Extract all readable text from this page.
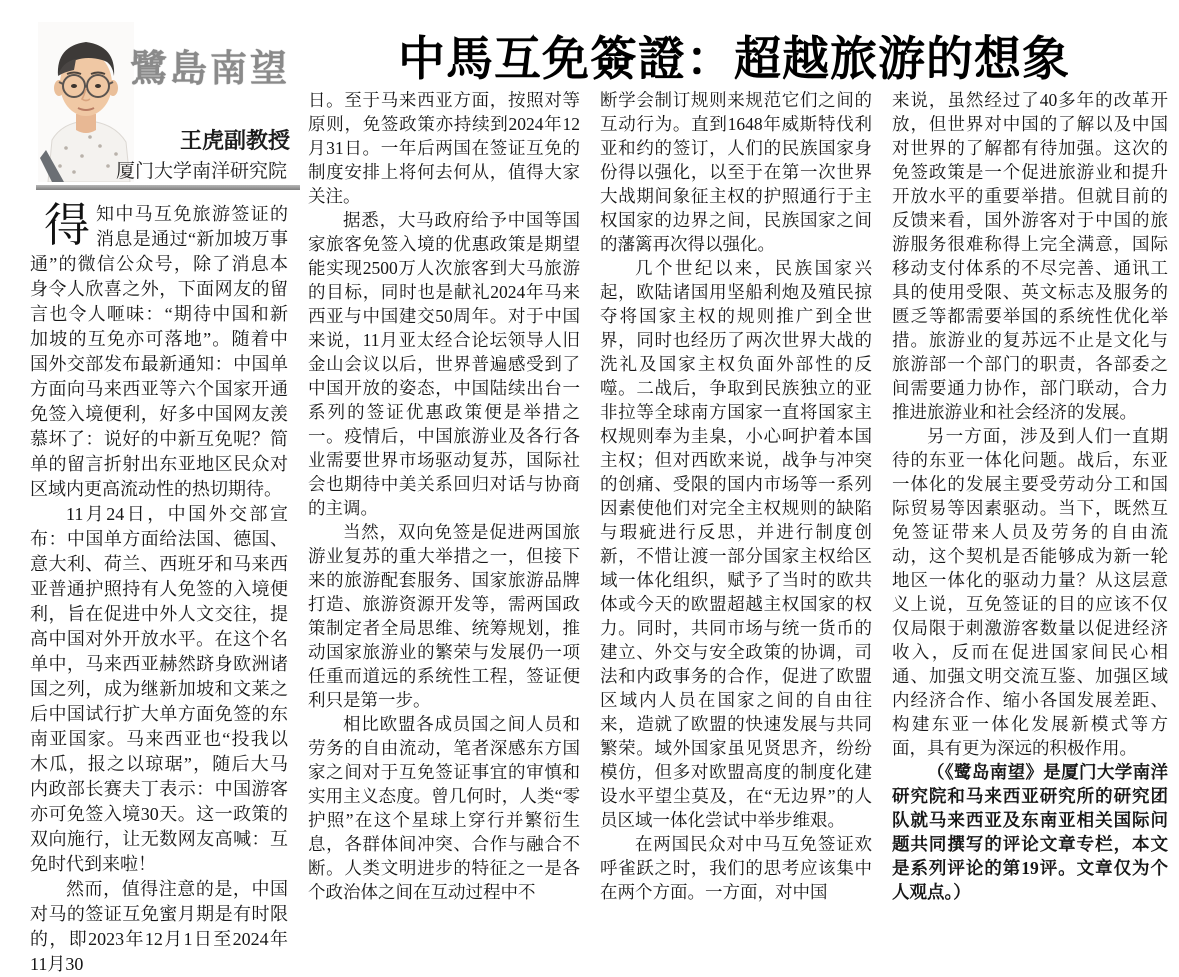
鷺島南望
王虎副教授
厦门大学南洋研究院
中馬互免簽證：超越旅游的想象

得知中马互免旅游签证的消息是通过“新加坡万事通”的微信公众号，除了消息本身令人欣喜之外，下面网友的留言也令人咂味：“期待中国和新加坡的互免亦可落地”。随着中国外交部发布最新通知：中国单方面向马来西亚等六个国家开通免签入境便利，好多中国网友羡慕坏了：说好的中新互免呢？简单的留言折射出东亚地区民众对区域内更高流动性的热切期待。

11月24日，中国外交部宣布：中国单方面给法国、德国、意大利、荷兰、西班牙和马来西亚普通护照持有人免签的入境便利，旨在促进中外人文交往，提高中国对外开放水平。在这个名单中，马来西亚赫然跻身欧洲诸国之列，成为继新加坡和文莱之后中国试行扩大单方面免签的东南亚国家。马来西亚也“投我以木瓜，报之以琼琚”，随后大马内政部长赛夫丁表示：中国游客亦可免签入境30天。这一政策的双向施行，让无数网友高喊：互免时代到来啦！

然而，值得注意的是，中国对马的签证互免蜜月期是有时限的，即2023年12月1日至2024年11月30

日。至于马来西亚方面，按照对等原则，免签政策亦持续到2024年12月31日。一年后两国在签证互免的制度安排上将何去何从，值得大家关注。

据悉，大马政府给予中国等国家旅客免签入境的优惠政策是期望能实现2500万人次旅客到大马旅游的目标，同时也是献礼2024年马来西亚与中国建交50周年。对于中国来说，11月亚太经合论坛领导人旧金山会议以后，世界普遍感受到了中国开放的姿态，中国陆续出台一系列的签证优惠政策便是举措之一。疫情后，中国旅游业及各行各业需要世界市场驱动复苏，国际社会也期待中美关系回归对话与协商的主调。

当然，双向免签是促进两国旅游业复苏的重大举措之一，但接下来的旅游配套服务、国家旅游品牌打造、旅游资源开发等，需两国政策制定者全局思维、统筹规划，推动国家旅游业的繁荣与发展仍一项任重而道远的系统性工程，签证便利只是第一步。

相比欧盟各成员国之间人员和劳务的自由流动，笔者深感东方国家之间对于互免签证事宜的审慎和实用主义态度。曾几何时，人类“零护照”在这个星球上穿行并繁衍生息，各群体间冲突、合作与融合不断。人类文明进步的特征之一是各个政治体之间在互动过程中不

断学会制订规则来规范它们之间的互动行为。直到1648年威斯特伐利亚和约的签订，人们的民族国家身份得以强化，以至于在第一次世界大战期间象征主权的护照通行于主权国家的边界之间，民族国家之间的藩篱再次得以强化。

几个世纪以来，民族国家兴起，欧陆诸国用坚船利炮及殖民掠夺将国家主权的规则推广到全世界，同时也经历了两次世界大战的洗礼及国家主权负面外部性的反噬。二战后，争取到民族独立的亚非拉等全球南方国家一直将国家主权规则奉为圭臬，小心呵护着本国主权；但对西欧来说，战争与冲突的创痛、受限的国内市场等一系列因素使他们对完全主权规则的缺陷与瑕疵进行反思，并进行制度创新，不惜让渡一部分国家主权给区域一体化组织，赋予了当时的欧共体或今天的欧盟超越主权国家的权力。同时，共同市场与统一货币的建立、外交与安全政策的协调，司法和内政事务的合作，促进了欧盟区域内人员在国家之间的自由往来，造就了欧盟的快速发展与共同繁荣。域外国家虽见贤思齐，纷纷模仿，但多对欧盟高度的制度化建设水平望尘莫及，在“无边界”的人员区域一体化尝试中举步维艰。

在两国民众对中马互免签证欢呼雀跃之时，我们的思考应该集中在两个方面。一方面，对中国

来说，虽然经过了40多年的改革开放，但世界对中国的了解以及中国对世界的了解都有待加强。这次的免签政策是一个促进旅游业和提升开放水平的重要举措。但就目前的反馈来看，国外游客对于中国的旅游服务很难称得上完全满意，国际移动支付体系的不尽完善、通讯工具的使用受限、英文标志及服务的匮乏等都需要举国的系统性优化举措。旅游业的复苏远不止是文化与旅游部一个部门的职责，各部委之间需要通力协作，部门联动，合力推进旅游业和社会经济的发展。

另一方面，涉及到人们一直期待的东亚一体化问题。战后，东亚一体化的发展主要受劳动分工和国际贸易等因素驱动。当下，既然互免签证带来人员及劳务的自由流动，这个契机是否能够成为新一轮地区一体化的驱动力量？从这层意义上说，互免签证的目的应该不仅仅局限于刺激游客数量以促进经济收入，反而在促进国家间民心相通、加强文明交流互鉴、加强区域内经济合作、缩小各国发展差距、构建东亚一体化发展新模式等方面，具有更为深远的积极作用。

（《鹭岛南望》是厦门大学南洋研究院和马来西亚研究所的研究团队就马来西亚及东南亚相关国际问题共同撰写的评论文章专栏，本文是系列评论的第19评。文章仅为个人观点。）
